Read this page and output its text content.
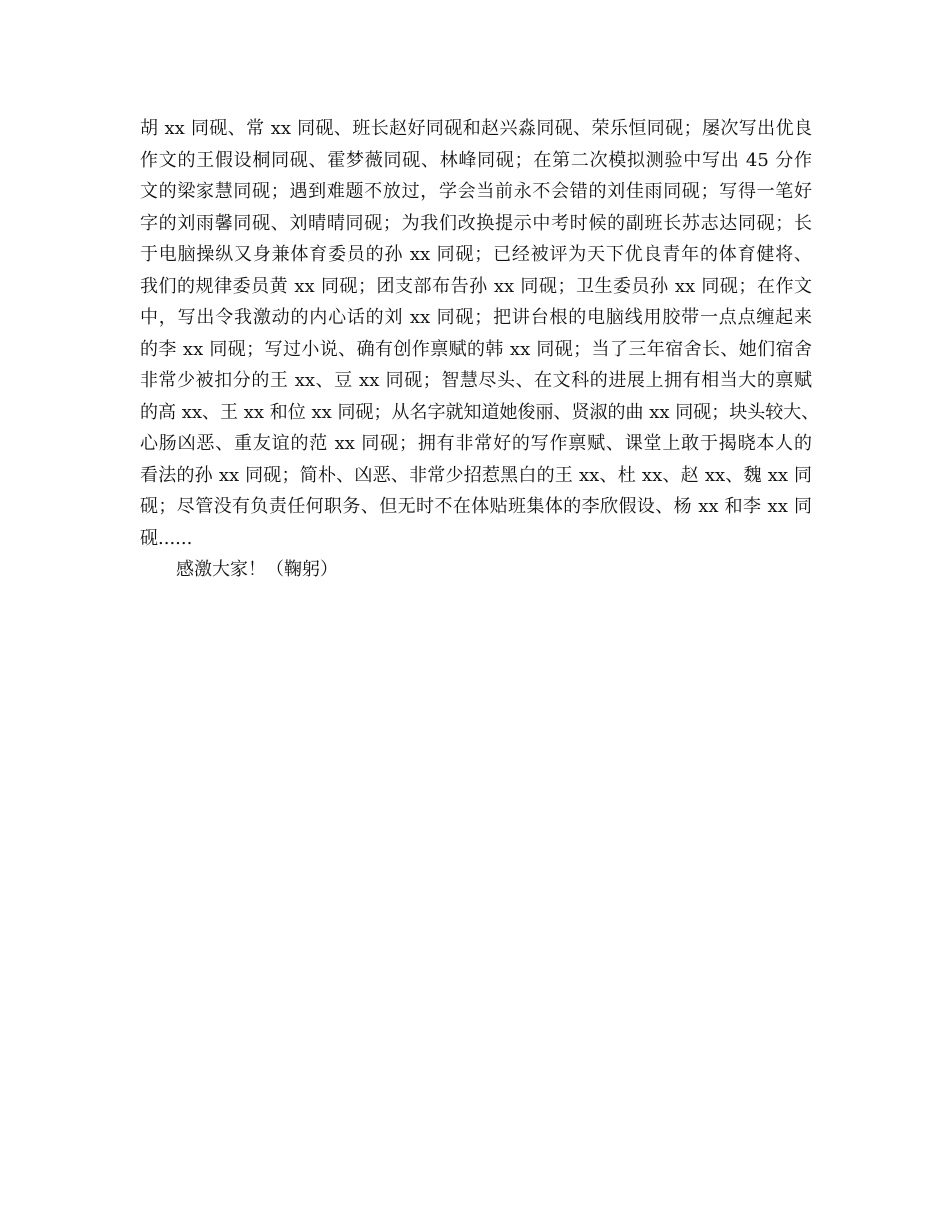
胡 xx 同砚、常 xx 同砚、班长赵好同砚和赵兴淼同砚、荣乐恒同砚；屡次写出优良
作文的王假设桐同砚、霍梦薇同砚、林峰同砚；在第二次模拟测验中写出 45 分作
文的梁家慧同砚；遇到难题不放过，学会当前永不会错的刘佳雨同砚；写得一笔好
字的刘雨馨同砚、刘晴晴同砚；为我们改换提示中考时候的副班长苏志达同砚；长
于电脑操纵又身兼体育委员的孙 xx 同砚；已经被评为天下优良青年的体育健将、
我们的规律委员黄 xx 同砚；团支部布告孙 xx 同砚；卫生委员孙 xx 同砚；在作文
中，写出令我激动的内心话的刘 xx 同砚；把讲台根的电脑线用胶带一点点缠起来
的李 xx 同砚；写过小说、确有创作禀赋的韩 xx 同砚；当了三年宿舍长、她们宿舍
非常少被扣分的王 xx、豆 xx 同砚；智慧尽头、在文科的进展上拥有相当大的禀赋
的高 xx、王 xx 和位 xx 同砚；从名字就知道她俊丽、贤淑的曲 xx 同砚；块头较大、
心肠凶恶、重友谊的范 xx 同砚；拥有非常好的写作禀赋、课堂上敢于揭晓本人的
看法的孙 xx 同砚；简朴、凶恶、非常少招惹黑白的王 xx、杜 xx、赵 xx、魏 xx 同
砚；尽管没有负责任何职务、但无时不在体贴班集体的李欣假设、杨 xx 和李 xx 同
砚......
感激大家！（鞠躬）
